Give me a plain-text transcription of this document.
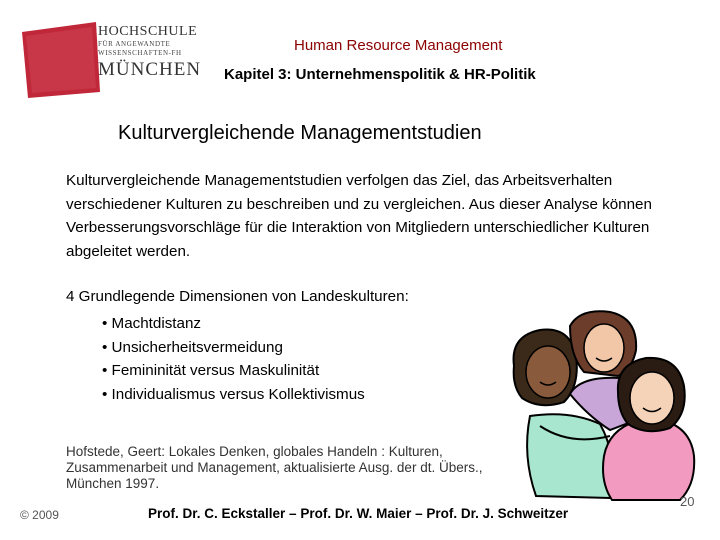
HOCHSCHULE
FÜR ANGEWANDTE
WISSENSCHAFTEN-FH
MÜNCHEN
Human Resource Management
Kapitel 3: Unternehmenspolitik & HR-Politik
Kulturvergleichende Managementstudien
Kulturvergleichende Managementstudien verfolgen das Ziel, das Arbeitsverhalten verschiedener Kulturen zu beschreiben und zu vergleichen. Aus dieser Analyse können Verbesserungsvorschläge für die Interaktion von Mitgliedern unterschiedlicher Kulturen abgeleitet werden.
4 Grundlegende Dimensionen von Landeskulturen:
• Machtdistanz
• Unsicherheitsvermeidung
• Femininität versus Maskulinität
• Individualismus versus Kollektivismus
Hofstede, Geert: Lokales Denken, globales Handeln : Kulturen, Zusammenarbeit und Management, aktualisierte Ausg. der dt. Übers., München 1997.
© 2009	Prof. Dr. C. Eckstaller – Prof. Dr. W. Maier – Prof. Dr. J. Schweitzer
20
